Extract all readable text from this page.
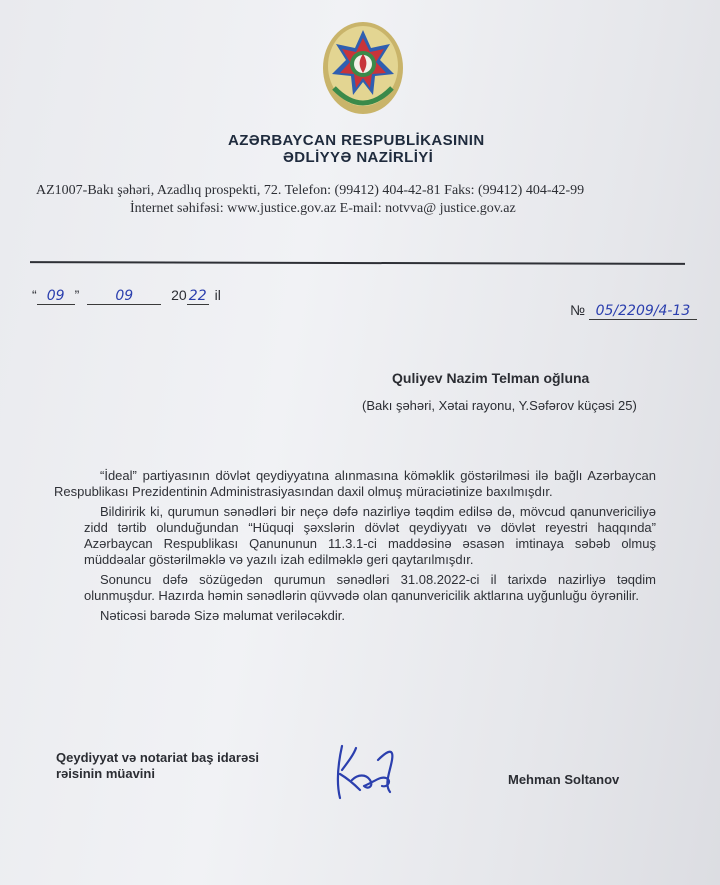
AZƏRBAYCAN RESPUBLİKASININ
ƏDLİYYƏ NAZİRLİYİ
AZ1007-Bakı şəhəri, Azadlıq prospekti, 72. Telefon: (99412) 404-42-81 Faks: (99412) 404-42-99
İnternet səhifəsi: www.justice.gov.az E-mail: notvva@ justice.gov.az
“ 09 ”	09	20 22 il
№ 05/2209/4-13
Quliyev Nazim Telman oğluna
(Bakı şəhəri, Xətai rayonu, Y.Səfərov küçəsi 25)

“İdeal” partiyasının dövlət qeydiyyatına alınmasına köməklik göstərilməsi ilə bağlı Azərbaycan Respublikası Prezidentinin Administrasiyasından daxil olmuş müraciətinize baxılmışdır.

Bildiririk ki, qurumun sənədləri bir neçə dəfə nazirliyə təqdim edilsə də, mövcud qanunvericiliyə zidd tərtib olunduğundan “Hüquqi şəxslərin dövlət qeydiyyatı və dövlət reyestri haqqında” Azərbaycan Respublikası Qanununun 11.3.1-ci maddəsinə əsasən imtinaya səbəb olmuş müddəalar göstərilməklə və yazılı izah edilməklə geri qaytarılmışdır.

Sonuncu dəfə sözügedən qurumun sənədləri 31.08.2022-ci il tarixdə nazirliyə təqdim olunmuşdur. Hazırda həmin sənədlərin qüvvədə olan qanunvericilik aktlarına uyğunluğu öyrənilir.

Nəticəsi barədə Sizə məlumat veriləcəkdir.

Qeydiyyat və notariat baş idarəsi
rəisinin müavini	Mehman Soltanov
